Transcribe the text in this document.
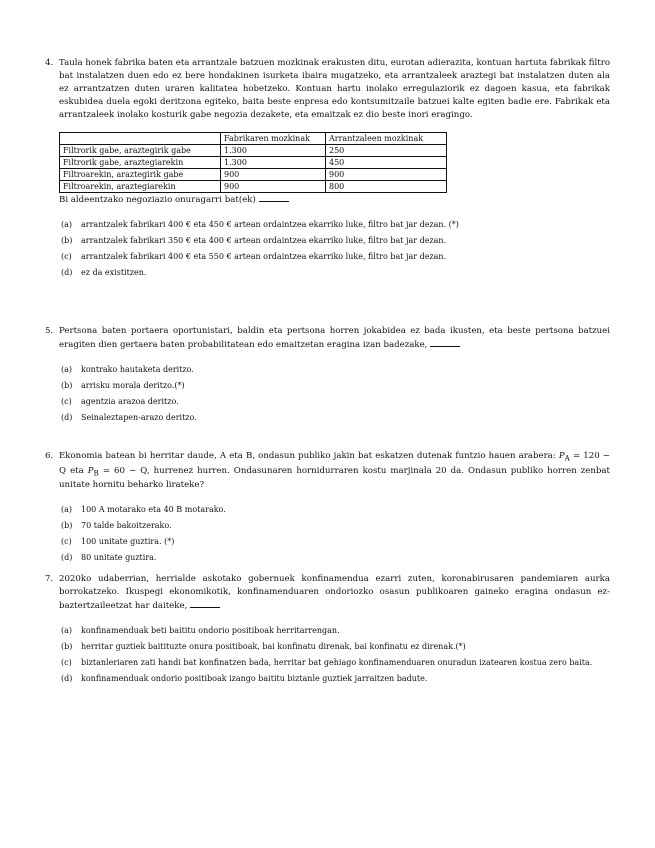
4. Taula honek fabrika baten eta arrantzale batzuen mozkinak erakusten ditu, eurotan adierazita, kontuan hartuta fabrikak filtro bat instalatzen duen edo ez bere hondakinen isurketa ibaira mugatzeko, eta arrantzaleek araztegi bat instalatzen duten ala ez arrantzatzen duten uraren kalitatea hobetzeko. Kontuan hartu inolako erregulaziorik ez dagoen kasua, eta fabrikak eskubidea duela egoki deritzona egiteko, baita beste enpresa edo kontsumitzaile batzuei kalte egiten badie ere. Fabrikak eta arrantzaleek inolako kosturik gabe negozia dezakete, eta emaitzak ez dio beste inori eragingo.

	Fabrikaren mozkinak	Arrantzaleen mozkinak
Filtrorik gabe, araztegirik gabe	1.300	250
Filtrorik gabe, araztegiarekin	1.300	450
Filtroarekin, araztegirik gabe	900	900
Filtroarekin, araztegiarekin	900	800

Bi aldeentzako negoziazio onuragarri bat(ek)

(a) arrantzalek fabrikari 400 € eta 450 € artean ordaintzea ekarriko luke, filtro bat jar dezan. (*)
(b) arrantzalek fabrikari 350 € eta 400 € artean ordaintzea ekarriko luke, filtro bat jar dezan.
(c) arrantzalek fabrikari 400 € eta 550 € artean ordaintzea ekarriko luke, filtro bat jar dezan.
(d) ez da existitzen.
5. Pertsona baten portaera oportunistari, baldin eta pertsona horren jokabidea ez bada ikusten, eta beste pertsona batzuei eragiten dien gertaera baten probabilitatean edo emaitzetan eragina izan badezake,

(a) kontrako hautaketa deritzo.
(b) arrisku morala deritzo.(*)
(c) agentzia arazoa deritzo.
(d) Seinaleztapen-arazo deritzo.
6. Ekonomia batean bi herritar daude, A eta B, ondasun publiko jakin bat eskatzen dutenak funtzio hauen arabera: $P_A = 120 - Q$ eta $P_B = 60 - Q$, hurrenez hurren. Ondasunaren hornidurraren kostu marjinala 20 da. Ondasun publiko horren zenbat unitate hornitu beharko lirateke?

(a) 100 A motarako eta 40 B motarako.
(b) 70 talde bakoitzerako.
(c) 100 unitate guztira. (*)
(d) 80 unitate guztira.
7. 2020ko udaberrian, herrialde askotako gobernuek konfinamendua ezarri zuten, koronabirusaren pandemiaren aurka borrokatzeko. Ikuspegi ekonomikotik, konfinamenduaren ondoriozko osasun publikoaren gaineko eragina ondasun ez-baztertzaileetzat har daiteke,

(a) konfinamenduak beti baititu ondorio positiboak herritarrengan.
(b) herritar guztiek baitituzte onura positiboak, bai konfinatu direnak, bai konfinatu ez direnak.(*)
(c) biztanleriaren zati handi bat konfinatzen bada, herritar bat gehiago konfinamenduaren onuradun izatearen kostua zero baita.
(d) konfinamenduak ondorio positiboak izango baititu biztanle guztiek jarraitzen badute.
